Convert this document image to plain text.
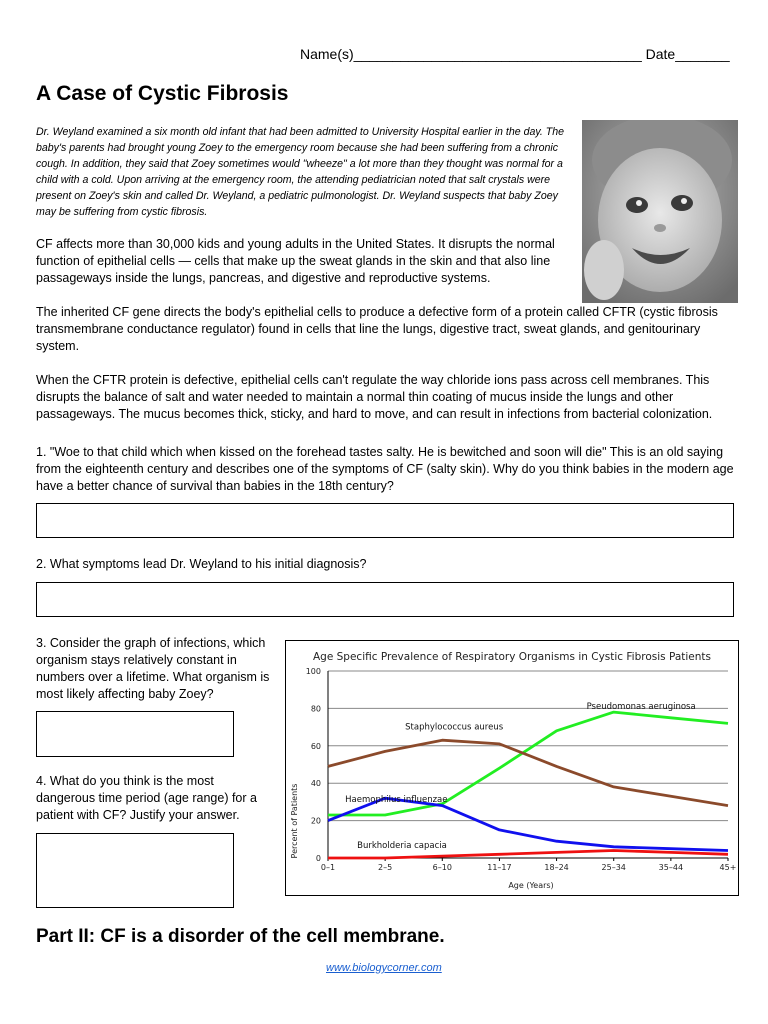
Name(s)_____________________________________ Date_______
A Case of Cystic Fibrosis

Dr. Weyland examined a six month old infant that had been admitted to University Hospital earlier in the day. The baby's parents had brought young Zoey to the emergency room because she had been suffering from a chronic cough. In addition, they said that Zoey sometimes would "wheeze" a lot more than they thought was normal for a child with a cold. Upon arriving at the emergency room, the attending pediatrician noted that salt crystals were present on Zoey's skin and called Dr. Weyland, a pediatric pulmonologist. Dr. Weyland suspects that baby Zoey may be suffering from cystic fibrosis.

CF affects more than 30,000 kids and young adults in the United States. It disrupts the normal function of epithelial cells — cells that make up the sweat glands in the skin and that also line passageways inside the lungs, pancreas, and digestive and reproductive systems.

The inherited CF gene directs the body's epithelial cells to produce a defective form of a protein called CFTR (cystic fibrosis transmembrane conductance regulator) found in cells that line the lungs, digestive tract, sweat glands, and genitourinary system.

When the CFTR protein is defective, epithelial cells can't regulate the way chloride ions pass across cell membranes. This disrupts the balance of salt and water needed to maintain a normal thin coating of mucus inside the lungs and other passageways. The mucus becomes thick, sticky, and hard to move, and can result in infections from bacterial colonization.

1. "Woe to that child which when kissed on the forehead tastes salty. He is bewitched and soon will die" This is an old saying from the eighteenth century and describes one of the symptoms of CF (salty skin). Why do you think babies in the modern age have a better chance of survival than babies in the 18th century?

2. What symptoms lead Dr. Weyland to his initial diagnosis?

3. Consider the graph of infections, which organism stays relatively constant in numbers over a lifetime. What organism is most likely affecting baby Zoey?

4. What do you think is the most dangerous time period (age range) for a patient with CF? Justify your answer.

Age Specific Prevalence of Respiratory Organisms in Cystic Fibrosis Patients
Percent of Patients
Age (Years)
0
20
40
60
80
100
0–1	2–5	6–10	11–17	18–24	25–34	35–44	45+
Pseudomonas aeruginosa
Staphylococcus aureus
Haemophilus influenzae
Burkholderia capacia
Part II: CF is a disorder of the cell membrane.
www.biologycorner.com
